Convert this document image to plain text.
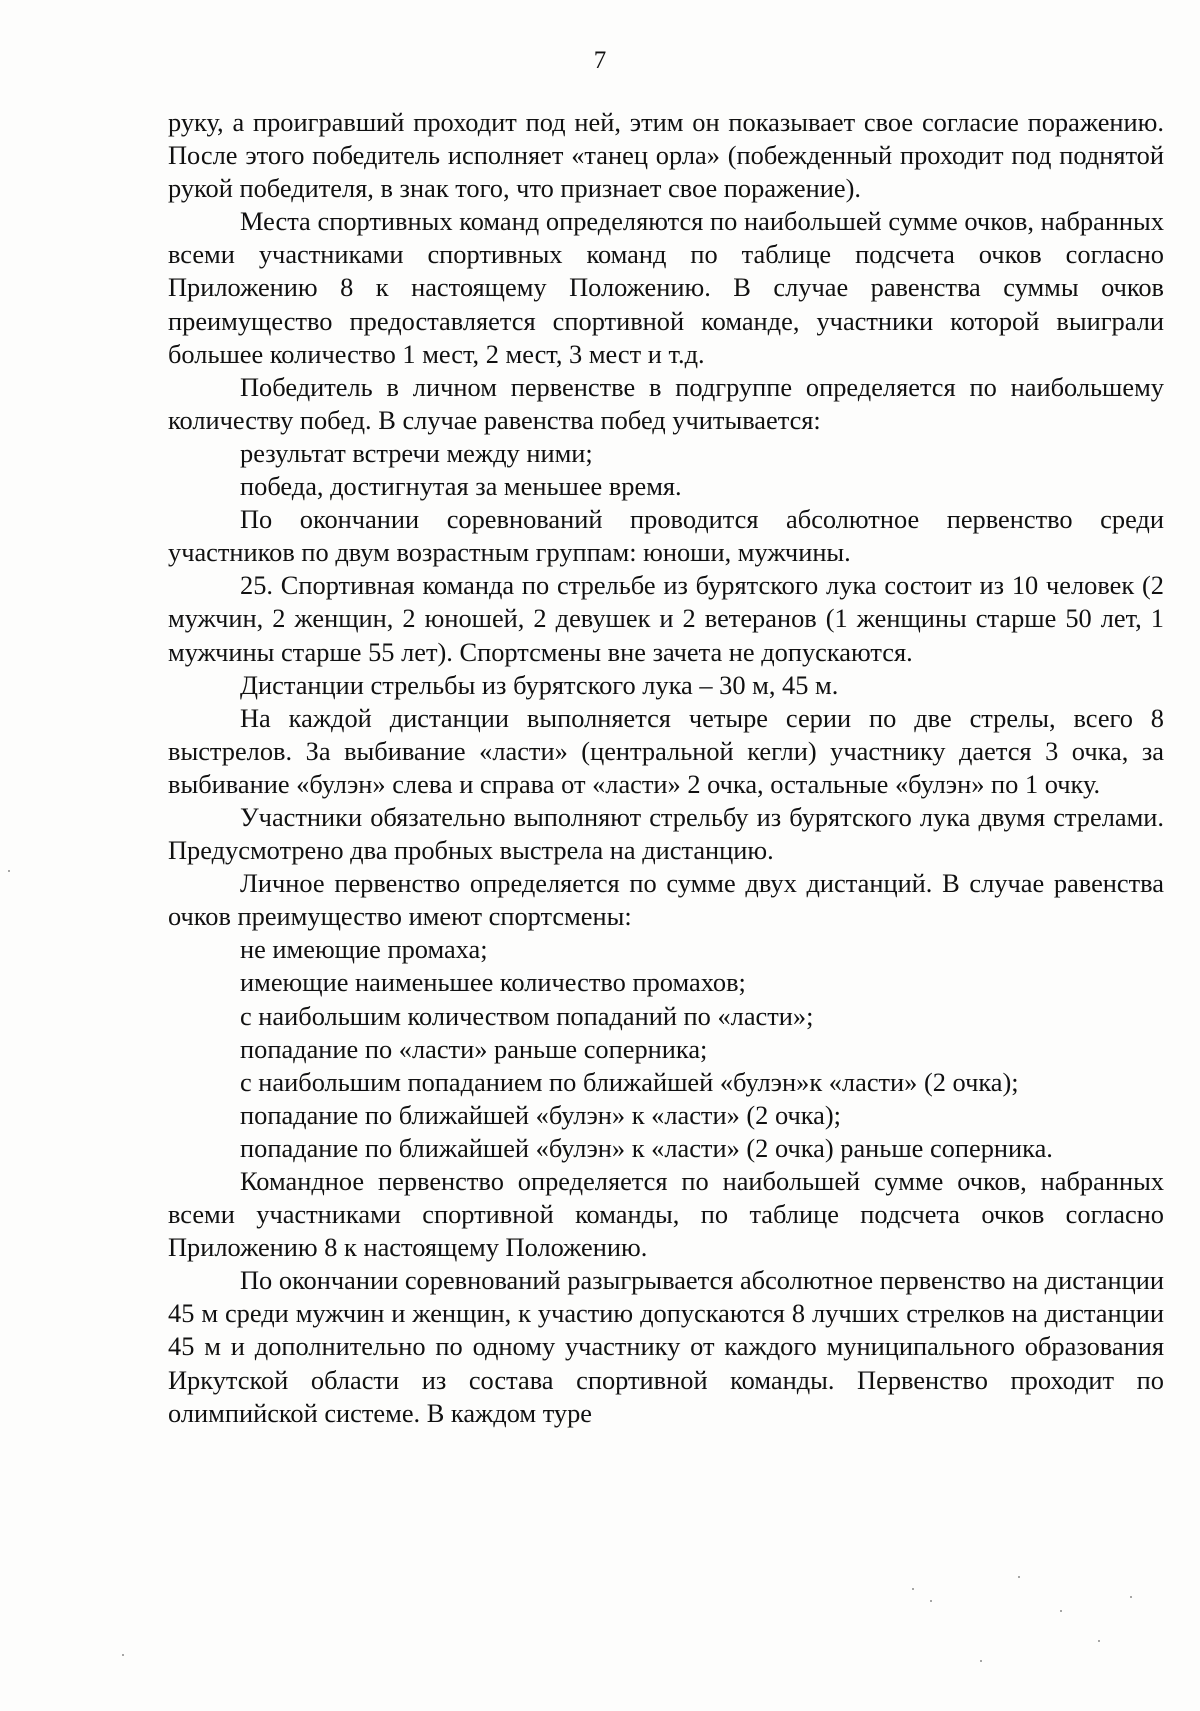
7

руку, а проигравший проходит под ней, этим он показывает свое согласие поражению. После этого победитель исполняет «танец орла» (побежденный проходит под поднятой рукой победителя, в знак того, что признает свое поражение).

Места спортивных команд определяются по наибольшей сумме очков, набранных всеми участниками спортивных команд по таблице подсчета очков согласно Приложению 8 к настоящему Положению. В случае равенства суммы очков преимущество предоставляется спортивной команде, участники которой выиграли большее количество 1 мест, 2 мест, 3 мест и т.д.

Победитель в личном первенстве в подгруппе определяется по наибольшему количеству побед. В случае равенства побед учитывается:

результат встречи между ними;

победа, достигнутая за меньшее время.

По окончании соревнований проводится абсолютное первенство среди участников по двум возрастным группам: юноши, мужчины.

25. Спортивная команда по стрельбе из бурятского лука состоит из 10 человек (2 мужчин, 2 женщин, 2 юношей, 2 девушек и 2 ветеранов (1 женщины старше 50 лет, 1 мужчины старше 55 лет). Спортсмены вне зачета не допускаются.

Дистанции стрельбы из бурятского лука – 30 м, 45 м.

На каждой дистанции выполняется четыре серии по две стрелы, всего 8 выстрелов. За выбивание «ласти» (центральной кегли) участнику дается 3 очка, за выбивание «булэн» слева и справа от «ласти» 2 очка, остальные «булэн» по 1 очку.

Участники обязательно выполняют стрельбу из бурятского лука двумя стрелами. Предусмотрено два пробных выстрела на дистанцию.

Личное первенство определяется по сумме двух дистанций. В случае равенства очков преимущество имеют спортсмены:

не имеющие промаха;

имеющие наименьшее количество промахов;

с наибольшим количеством попаданий по «ласти»;

попадание по «ласти» раньше соперника;

с наибольшим попаданием по ближайшей «булэн»к «ласти» (2 очка);

попадание по ближайшей «булэн» к «ласти» (2 очка);

попадание по ближайшей «булэн» к «ласти» (2 очка) раньше соперника.

Командное первенство определяется по наибольшей сумме очков, набранных всеми участниками спортивной команды, по таблице подсчета очков согласно Приложению 8 к настоящему Положению.

По окончании соревнований разыгрывается абсолютное первенство на дистанции 45 м среди мужчин и женщин, к участию допускаются 8 лучших стрелков на дистанции 45 м и дополнительно по одному участнику от каждого муниципального образования Иркутской области из состава спортивной команды. Первенство проходит по олимпийской системе. В каждом туре
